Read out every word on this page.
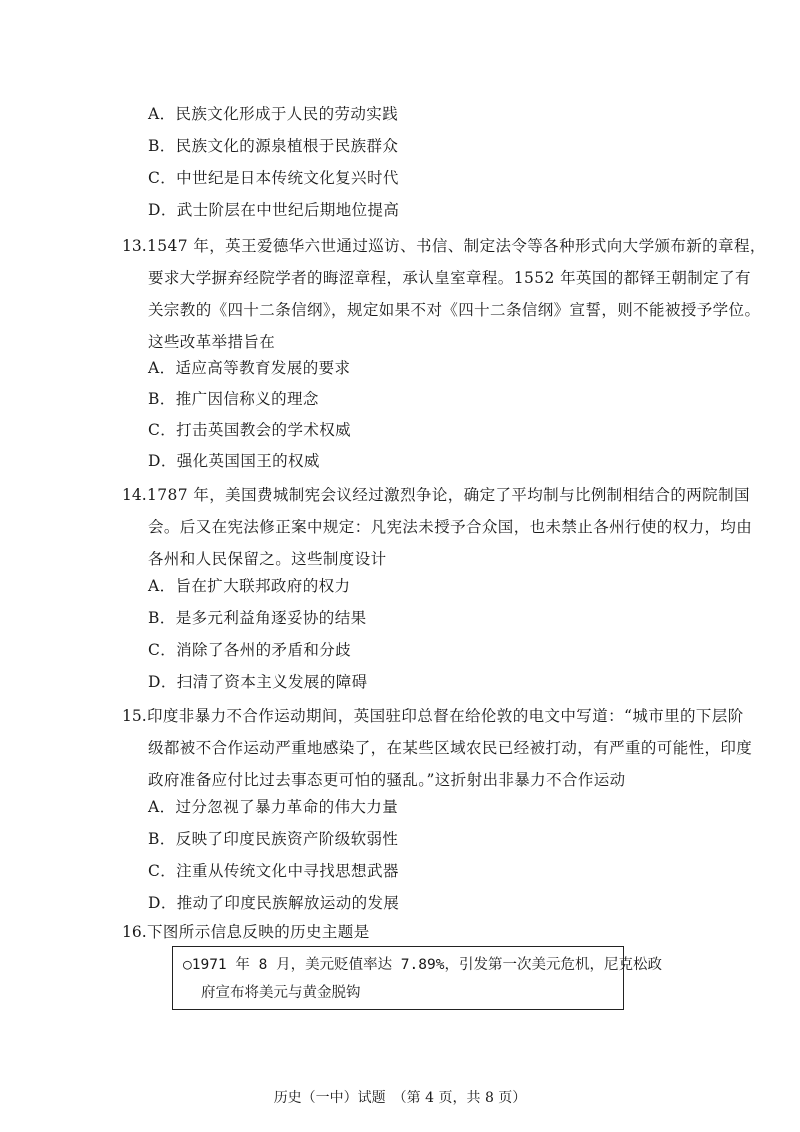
A．民族文化形成于人民的劳动实践
B．民族文化的源泉植根于民族群众
C．中世纪是日本传统文化复兴时代
D．武士阶层在中世纪后期地位提高
13. 1547 年，英王爱德华六世通过巡访、书信、制定法令等各种形式向大学颁布新的章程，
要求大学摒弃经院学者的晦涩章程，承认皇室章程。1552 年英国的都铎王朝制定了有
关宗教的《四十二条信纲》，规定如果不对《四十二条信纲》宣誓，则不能被授予学位。
这些改革举措旨在
A．适应高等教育发展的要求
B．推广因信称义的理念
C．打击英国教会的学术权威
D．强化英国国王的权威
14. 1787 年，美国费城制宪会议经过激烈争论，确定了平均制与比例制相结合的两院制国
会。后又在宪法修正案中规定：凡宪法未授予合众国，也未禁止各州行使的权力，均由
各州和人民保留之。这些制度设计
A．旨在扩大联邦政府的权力
B．是多元利益角逐妥协的结果
C．消除了各州的矛盾和分歧
D．扫清了资本主义发展的障碍
15. 印度非暴力不合作运动期间，英国驻印总督在给伦敦的电文中写道：“城市里的下层阶
级都被不合作运动严重地感染了，在某些区域农民已经被打动，有严重的可能性，印度
政府准备应付比过去事态更可怕的骚乱。”这折射出非暴力不合作运动
A．过分忽视了暴力革命的伟大力量
B．反映了印度民族资产阶级软弱性
C．注重从传统文化中寻找思想武器
D．推动了印度民族解放运动的发展
16. 下图所示信息反映的历史主题是
○1971 年 8 月，美元贬值率达 7.89%，引发第一次美元危机，尼克松政
府宣布将美元与黄金脱钩
历史（一中）试题　（第 4 页，共 8 页）
